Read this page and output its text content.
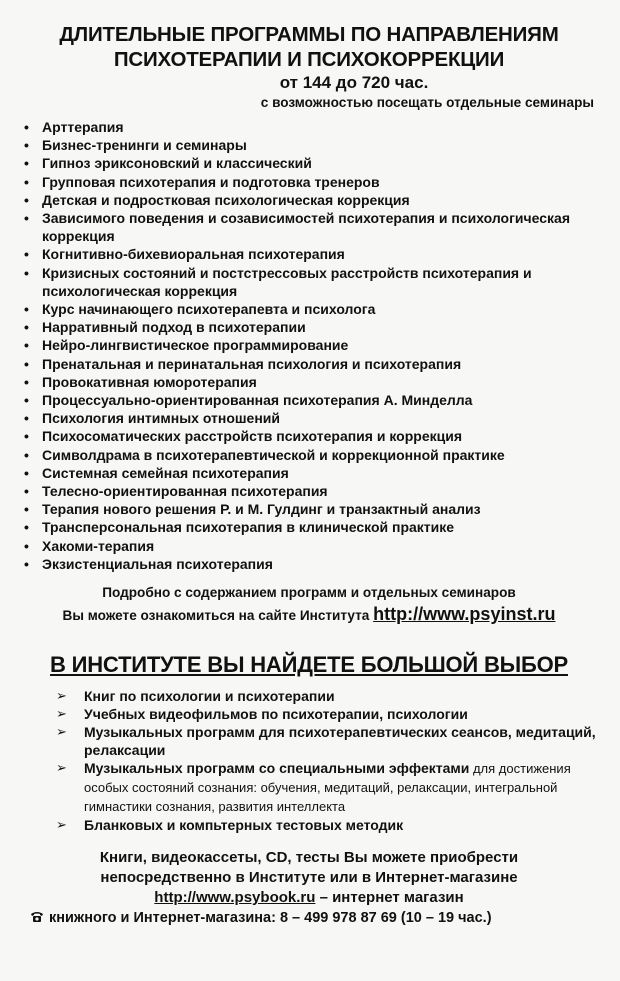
ДЛИТЕЛЬНЫЕ ПРОГРАММЫ ПО НАПРАВЛЕНИЯМ

ПСИХОТЕРАПИИ И ПСИХОКОРРЕКЦИИ

от 144 до 720 час.

с возможностью посещать отдельные семинары

• Арттерапия
• Бизнес-тренинги и семинары
• Гипноз эриксоновский и классический
• Групповая психотерапия и подготовка тренеров
• Детская и подростковая психологическая коррекция
• Зависимого поведения и созависимостей психотерапия и психологическая коррекция
• Когнитивно-бихевиоральная психотерапия
• Кризисных состояний и постстрессовых расстройств психотерапия и психологическая коррекция
• Курс начинающего психотерапевта и психолога
• Нарративный подход в психотерапии
• Нейро-лингвистическое программирование
• Пренатальная и перинатальная психология и психотерапия
• Провокативная юморотерапия
• Процессуально-ориентированная психотерапия А. Минделла
• Психология интимных отношений
• Психосоматических расстройств психотерапия и коррекция
• Символдрама в психотерапевтической и коррекционной практике
• Системная семейная психотерапия
• Телесно-ориентированная психотерапия
• Терапия нового решения Р. и М. Гулдинг и транзактный анализ
• Трансперсональная психотерапия в клинической практике
• Хакоми-терапия
• Экзистенциальная психотерапия

Подробно с содержанием программ и отдельных семинаров

Вы можете ознакомиться на сайте Института http://www.psyinst.ru

В ИНСТИТУТЕ ВЫ НАЙДЕТЕ БОЛЬШОЙ ВЫБОР

➢ Книг по психологии и психотерапии
➢ Учебных видеофильмов по психотерапии, психологии
➢ Музыкальных программ для психотерапевтических сеансов, медитаций, релаксации
➢ Музыкальных программ со специальными эффектами для достижения особых состояний сознания: обучения, медитаций, релаксации, интегральной гимнастики сознания, развития интеллекта
➢ Бланковых и компьтерных тестовых методик

Книги, видеокассеты, CD, тесты Вы можете приобрести

непосредственно в Институте или в Интернет-магазине

http://www.psybook.ru – интернет магазин

книжного и Интернет-магазина: 8 – 499 978 87 69 (10 – 19 час.)
